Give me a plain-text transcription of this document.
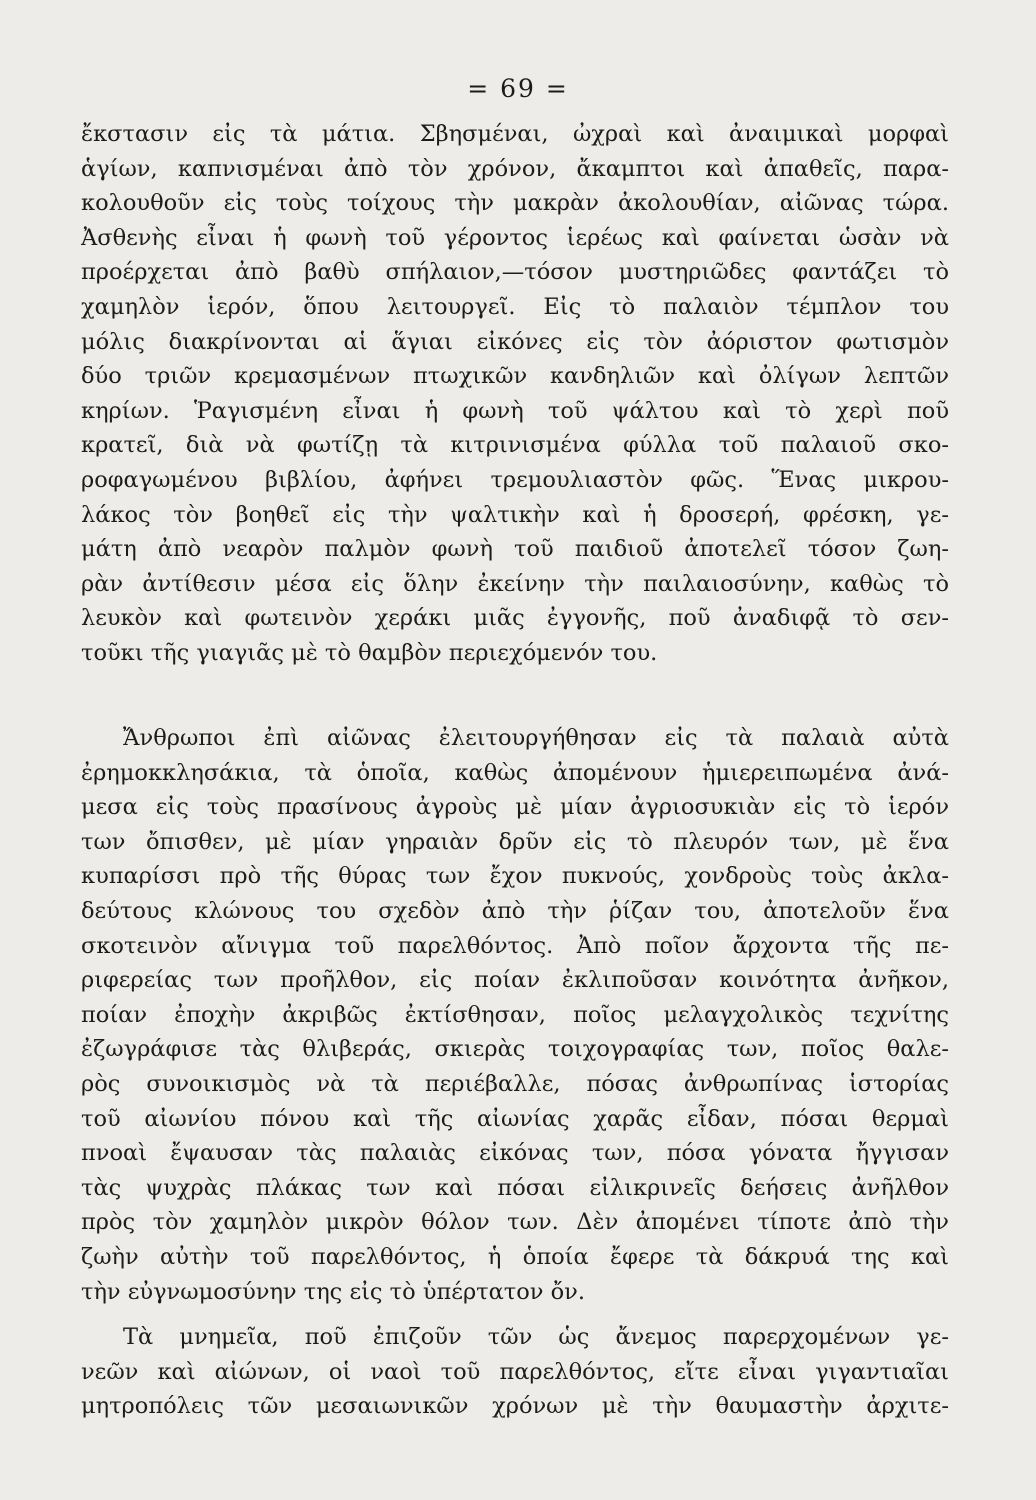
= 69 =
ἔκστασιν εἰς τὰ μάτια. Σβησμέναι, ὠχραὶ καὶ ἀναιμικαὶ μορφαὶ
ἁγίων, καπνισμέναι ἀπὸ τὸν χρόνον, ἄκαμπτοι καὶ ἀπαθεῖς, παρα-
κολουθοῦν εἰς τοὺς τοίχους τὴν μακρὰν ἀκολουθίαν, αἰῶνας τώρα.
Ἀσθενὴς εἶναι ἡ φωνὴ τοῦ γέροντος ἱερέως καὶ φαίνεται ὡσὰν νὰ
προέρχεται ἀπὸ βαθὺ σπήλαιον,—τόσον μυστηριῶδες φαντάζει τὸ
χαμηλὸν ἱερόν, ὅπου λειτουργεῖ. Εἰς τὸ παλαιὸν τέμπλον του
μόλις διακρίνονται αἱ ἅγιαι εἰκόνες εἰς τὸν ἀόριστον φωτισμὸν
δύο τριῶν κρεμασμένων πτωχικῶν κανδηλιῶν καὶ ὀλίγων λεπτῶν
κηρίων. Ῥαγισμένη εἶναι ἡ φωνὴ τοῦ ψάλτου καὶ τὸ χερὶ ποῦ
κρατεῖ, διὰ νὰ φωτίζῃ τὰ κιτρινισμένα φύλλα τοῦ παλαιοῦ σκο-
ροφαγωμένου βιβλίου, ἀφήνει τρεμουλιαστὸν φῶς. Ἕνας μικρου-
λάκος τὸν βοηθεῖ εἰς τὴν ψαλτικὴν καὶ ἡ δροσερή, φρέσκη, γε-
μάτη ἀπὸ νεαρὸν παλμὸν φωνὴ τοῦ παιδιοῦ ἀποτελεῖ τόσον ζωη-
ρὰν ἀντίθεσιν μέσα εἰς ὅλην ἐκείνην τὴν παιλαιοσύνην, καθὼς τὸ
λευκὸν καὶ φωτεινὸν χεράκι μιᾶς ἐγγονῆς, ποῦ ἀναδιφᾷ τὸ σεν-
τοῦκι τῆς γιαγιᾶς μὲ τὸ θαμβὸν περιεχόμενόν του.
Ἄνθρωποι ἐπὶ αἰῶνας ἐλειτουργήθησαν εἰς τὰ παλαιὰ αὐτὰ
ἐρημοκκλησάκια, τὰ ὁποῖα, καθὼς ἀπομένουν ἡμιερειπωμένα ἀνά-
μεσα εἰς τοὺς πρασίνους ἀγροὺς μὲ μίαν ἀγριοσυκιὰν εἰς τὸ ἱερόν
των ὄπισθεν, μὲ μίαν γηραιὰν δρῦν εἰς τὸ πλευρόν των, μὲ ἕνα
κυπαρίσσι πρὸ τῆς θύρας των ἔχον πυκνούς, χονδροὺς τοὺς ἀκλα-
δεύτους κλώνους του σχεδὸν ἀπὸ τὴν ῥίζαν του, ἀποτελοῦν ἕνα
σκοτεινὸν αἴνιγμα τοῦ παρελθόντος. Ἀπὸ ποῖον ἄρχοντα τῆς πε-
ριφερείας των προῆλθον, εἰς ποίαν ἐκλιποῦσαν κοινότητα ἀνῆκον,
ποίαν ἐποχὴν ἀκριβῶς ἐκτίσθησαν, ποῖος μελαγχολικὸς τεχνίτης
ἐζωγράφισε τὰς θλιβεράς, σκιερὰς τοιχογραφίας των, ποῖος θαλε-
ρὸς συνοικισμὸς νὰ τὰ περιέβαλλε, πόσας ἀνθρωπίνας ἱστορίας
τοῦ αἰωνίου πόνου καὶ τῆς αἰωνίας χαρᾶς εἶδαν, πόσαι θερμαὶ
πνοαὶ ἔψαυσαν τὰς παλαιὰς εἰκόνας των, πόσα γόνατα ἤγγισαν
τὰς ψυχρὰς πλάκας των καὶ πόσαι εἰλικρινεῖς δεήσεις ἀνῆλθον
πρὸς τὸν χαμηλὸν μικρὸν θόλον των. Δὲν ἀπομένει τίποτε ἀπὸ τὴν
ζωὴν αὐτὴν τοῦ παρελθόντος, ἡ ὁποία ἔφερε τὰ δάκρυά της καὶ
τὴν εὐγνωμοσύνην της εἰς τὸ ὑπέρτατον ὄν.
Τὰ μνημεῖα, ποῦ ἐπιζοῦν τῶν ὡς ἄνεμος παρερχομένων γε-
νεῶν καὶ αἰώνων, οἱ ναοὶ τοῦ παρελθόντος, εἴτε εἶναι γιγαντιαῖαι
μητροπόλεις τῶν μεσαιωνικῶν χρόνων μὲ τὴν θαυμαστὴν ἀρχιτε-
